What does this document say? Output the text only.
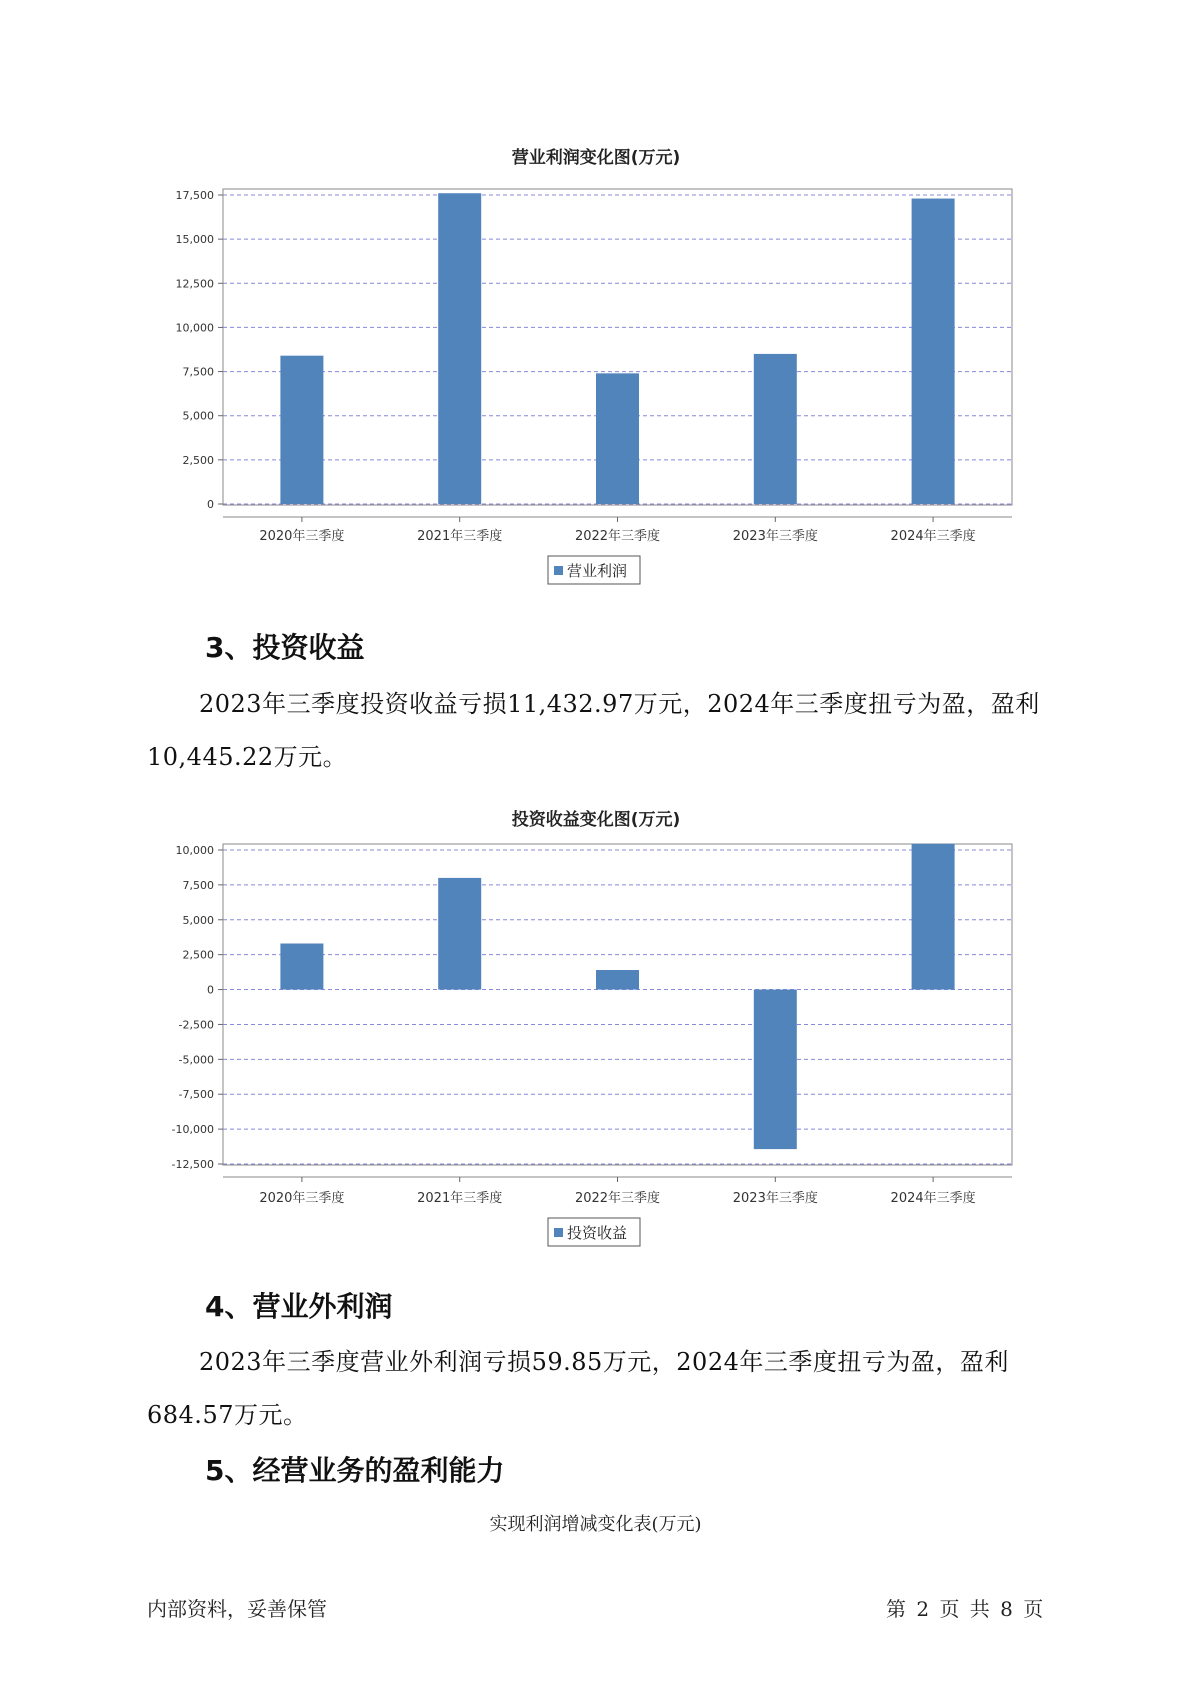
营业利润变化图(万元)
0
2,500
5,000
7,500
10,000
12,500
15,000
17,500
2020年三季度	2021年三季度	2022年三季度	2023年三季度	2024年三季度
营业利润
3、投资收益
2023年三季度投资收益亏损11,432.97万元，2024年三季度扭亏为盈，盈利10,445.22万元。
投资收益变化图(万元)
-12,500
-10,000
-7,500
-5,000
-2,500
0
2,500
5,000
7,500
10,000
2020年三季度	2021年三季度	2022年三季度	2023年三季度	2024年三季度
投资收益
4、营业外利润
2023年三季度营业外利润亏损59.85万元，2024年三季度扭亏为盈，盈利684.57万元。
5、经营业务的盈利能力
实现利润增减变化表(万元)
内部资料，妥善保管	第 2 页 共 8 页
